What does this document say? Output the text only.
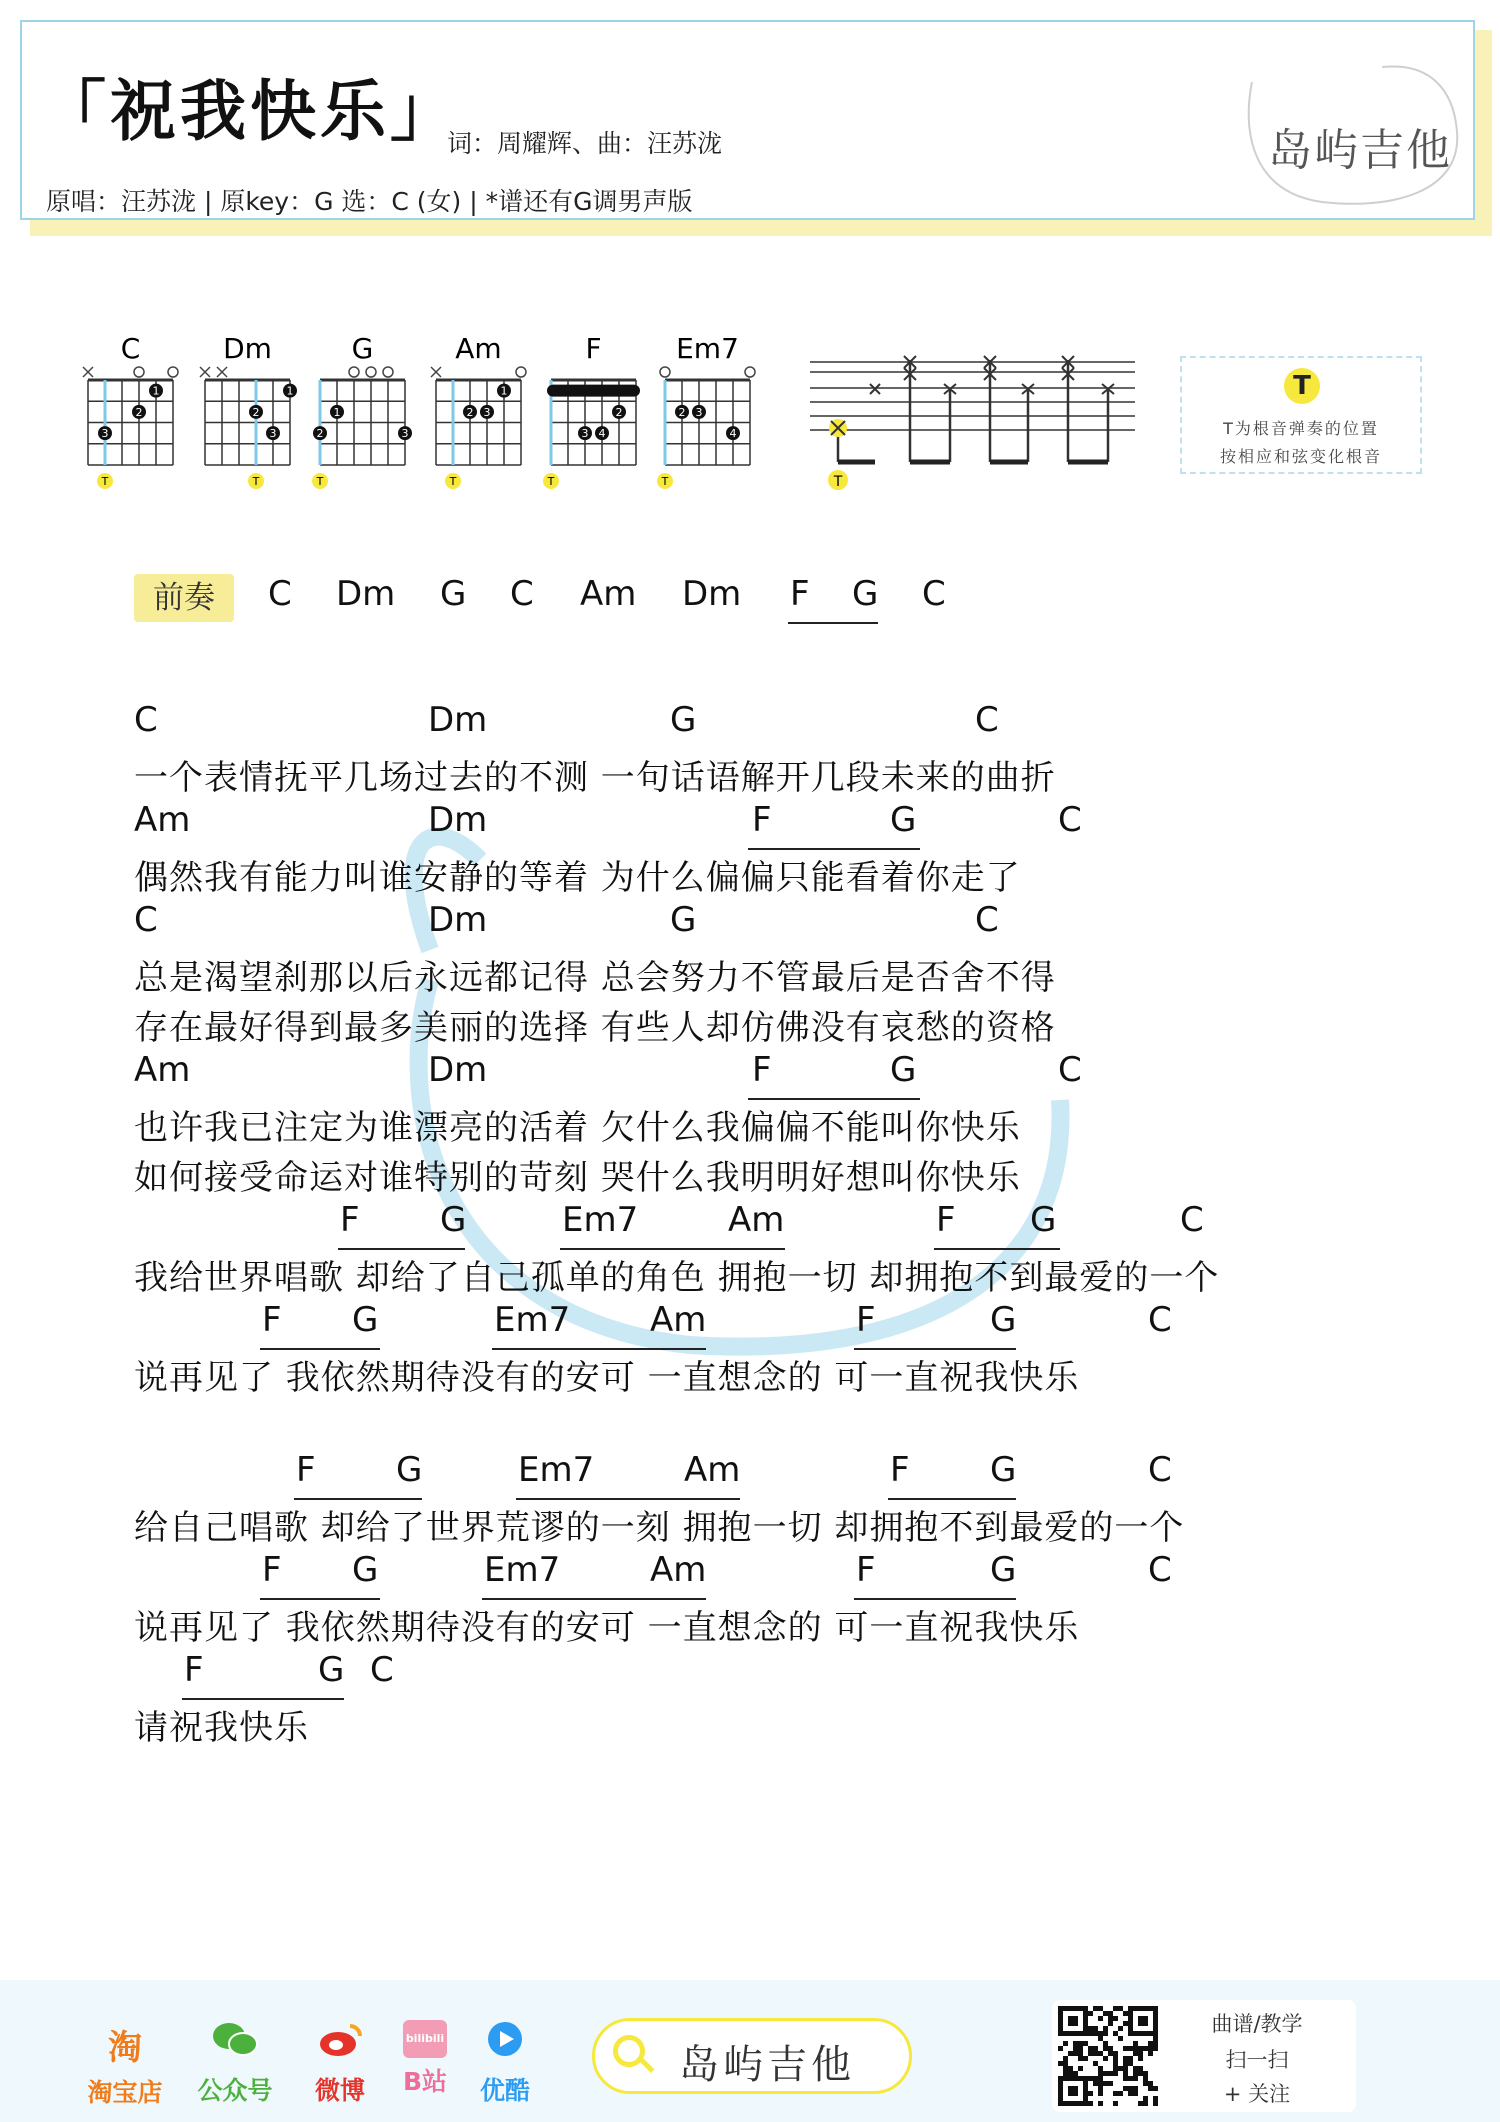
「祝我快乐」
词：周耀辉、曲：汪苏泷
原唱：汪苏泷 | 原key：G 选：C (女) | *谱还有G调男声版
岛屿吉他
C
3
2
1
T
Dm
2
3
1
T
G
2
1
3
T
Am
2 3
1
T
F
3 4
2
T
Em7
2 3
4
T	T
T
T为根音弹奏的位置
按相应和弦变化根音
前奏	C Dm G C Am Dm F G C
C	Dm	G	C
一个表情抚平几场过去的不测 一句话语解开几段未来的曲折
Am	Dm	F	G	C
偶然我有能力叫谁安静的等着 为什么偏偏只能看着你走了
C	Dm	G	C
总是渴望刹那以后永远都记得 总会努力不管最后是否舍不得
存在最好得到最多美丽的选择 有些人却仿佛没有哀愁的资格
Am	Dm	F	G	C
也许我已注定为谁漂亮的活着 欠什么我偏偏不能叫你快乐
如何接受命运对谁特别的苛刻 哭什么我明明好想叫你快乐
F G	Em7	Am	F G	C
我给世界唱歌 却给了自己孤单的角色 拥抱一切 却拥抱不到最爱的一个
F G	Em7 Am	F	G	C
说再见了 我依然期待没有的安可 一直想念的 可一直祝我快乐
F G	Em7	Am	F G	C
给自己唱歌 却给了世界荒谬的一刻 拥抱一切 却拥抱不到最爱的一个
F G	Em7	Am	F	G	C
说再见了 我依然期待没有的安可 一直想念的 可一直祝我快乐
F	G C
请祝我快乐
淘
淘宝店	公众号	微博
bilibili
B站	优酷
岛屿吉他
曲谱/教学
扫一扫
+ 关注
